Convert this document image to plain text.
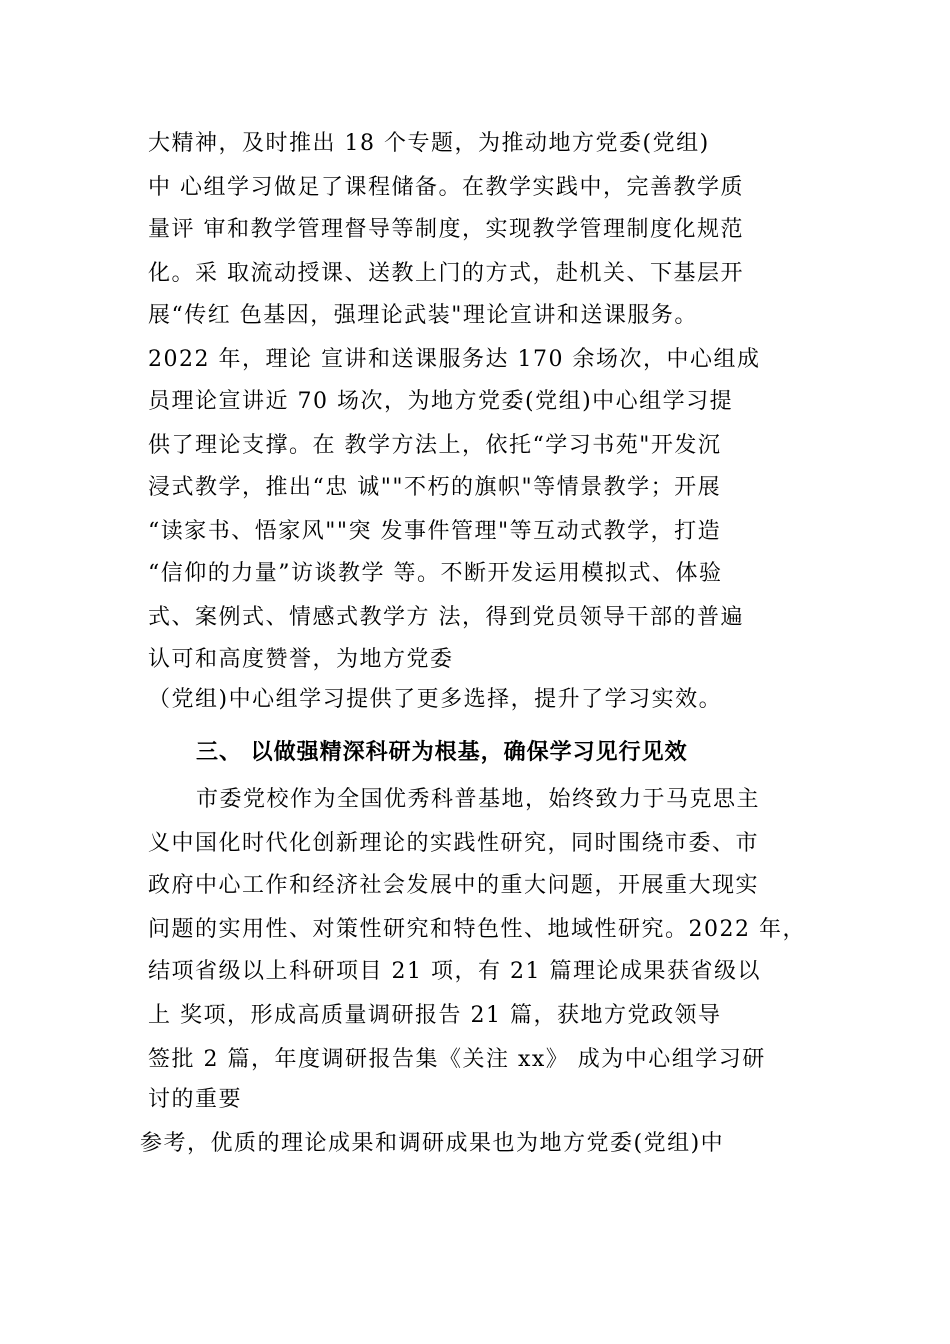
大精神，及时推出 18 个专题，为推动地方党委(党组)
中 心组学习做足了课程储备。在教学实践中，完善教学质
量评 审和教学管理督导等制度，实现教学管理制度化规范
化。采 取流动授课、送教上门的方式，赴机关、下基层开
展“传红 色基因，强理论武装"理论宣讲和送课服务。
2022 年，理论 宣讲和送课服务达 170 余场次，中心组成
员理论宣讲近 70 场次，为地方党委(党组)中心组学习提
供了理论支撑。在 教学方法上，依托“学习书苑"开发沉
浸式教学，推出“忠 诚""不朽的旗帜"等情景教学；开展
“读家书、悟家风""突 发事件管理"等互动式教学，打造
“信仰的力量”访谈教学 等。不断开发运用模拟式、体验
式、案例式、情感式教学方 法，得到党员领导干部的普遍
认可和高度赞誉，为地方党委
（党组)中心组学习提供了更多选择，提升了学习实效。
三、 以做强精深科研为根基，确保学习见行见效
市委党校作为全国优秀科普基地，始终致力于马克思主
义中国化时代化创新理论的实践性研究，同时围绕市委、市
政府中心工作和经济社会发展中的重大问题，开展重大现实
问题的实用性、对策性研究和特色性、地域性研究。2022 年，
结项省级以上科研项目 21 项，有 21 篇理论成果获省级以
上 奖项，形成高质量调研报告 21 篇，获地方党政领导
签批 2 篇，年度调研报告集《关注 xx》 成为中心组学习研
讨的重要
参考，优质的理论成果和调研成果也为地方党委(党组)中
